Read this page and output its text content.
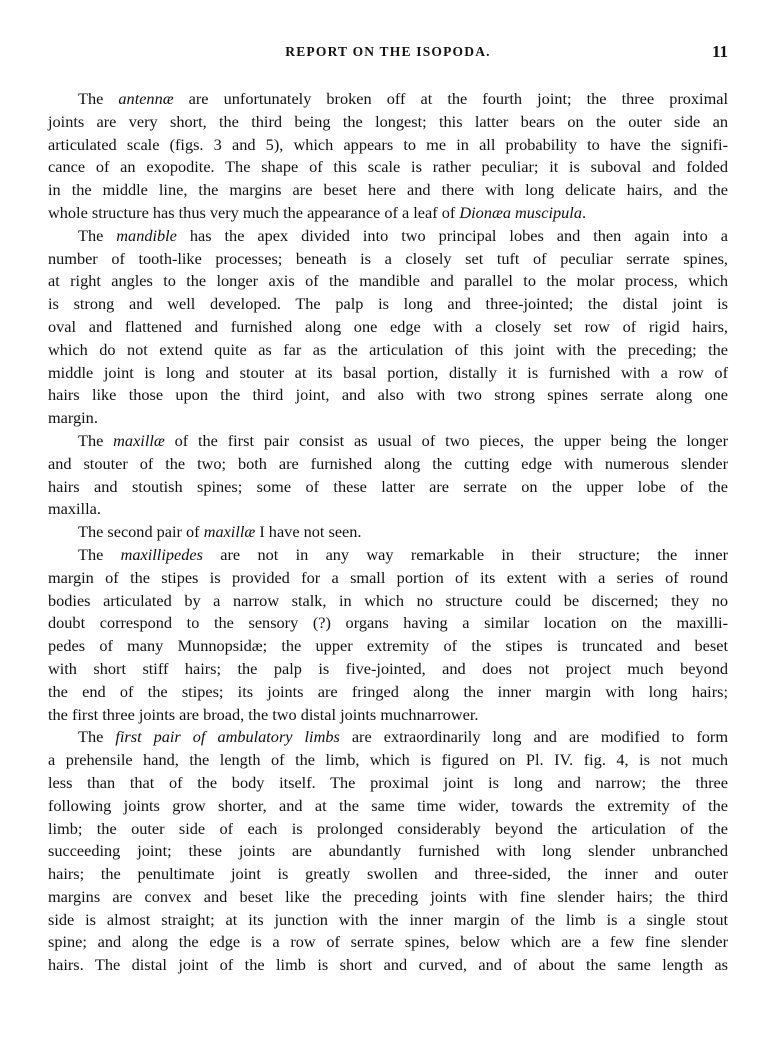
REPORT ON THE ISOPODA.	11

The antennæ are unfortunately broken off at the fourth joint; the three proximal
joints are very short, the third being the longest; this latter bears on the outer side an
articulated scale (figs. 3 and 5), which appears to me in all probability to have the signifi-
cance of an exopodite. The shape of this scale is rather peculiar; it is suboval and folded
in the middle line, the margins are beset here and there with long delicate hairs, and the
whole structure has thus very much the appearance of a leaf of Dionæa muscipula.

The mandible has the apex divided into two principal lobes and then again into a
number of tooth-like processes; beneath is a closely set tuft of peculiar serrate spines,
at right angles to the longer axis of the mandible and parallel to the molar process, which
is strong and well developed. The palp is long and three-jointed; the distal joint is
oval and flattened and furnished along one edge with a closely set row of rigid hairs,
which do not extend quite as far as the articulation of this joint with the preceding; the
middle joint is long and stouter at its basal portion, distally it is furnished with a row of
hairs like those upon the third joint, and also with two strong spines serrate along one
margin.

The maxillæ of the first pair consist as usual of two pieces, the upper being the longer
and stouter of the two; both are furnished along the cutting edge with numerous slender
hairs and stoutish spines; some of these latter are serrate on the upper lobe of the
maxilla.

The second pair of maxillæ I have not seen.

The maxillipedes are not in any way remarkable in their structure; the inner
margin of the stipes is provided for a small portion of its extent with a series of round
bodies articulated by a narrow stalk, in which no structure could be discerned; they no
doubt correspond to the sensory (?) organs having a similar location on the maxilli-
pedes of many Munnopsidæ; the upper extremity of the stipes is truncated and beset
with short stiff hairs; the palp is five-jointed, and does not project much beyond
the end of the stipes; its joints are fringed along the inner margin with long hairs;
the first three joints are broad, the two distal joints muchnarrower.

The first pair of ambulatory limbs are extraordinarily long and are modified to form
a prehensile hand, the length of the limb, which is figured on Pl. IV. fig. 4, is not much
less than that of the body itself. The proximal joint is long and narrow; the three
following joints grow shorter, and at the same time wider, towards the extremity of the
limb; the outer side of each is prolonged considerably beyond the articulation of the
succeeding joint; these joints are abundantly furnished with long slender unbranched
hairs; the penultimate joint is greatly swollen and three-sided, the inner and outer
margins are convex and beset like the preceding joints with fine slender hairs; the third
side is almost straight; at its junction with the inner margin of the limb is a single stout
spine; and along the edge is a row of serrate spines, below which are a few fine slender
hairs. The distal joint of the limb is short and curved, and of about the same length as
